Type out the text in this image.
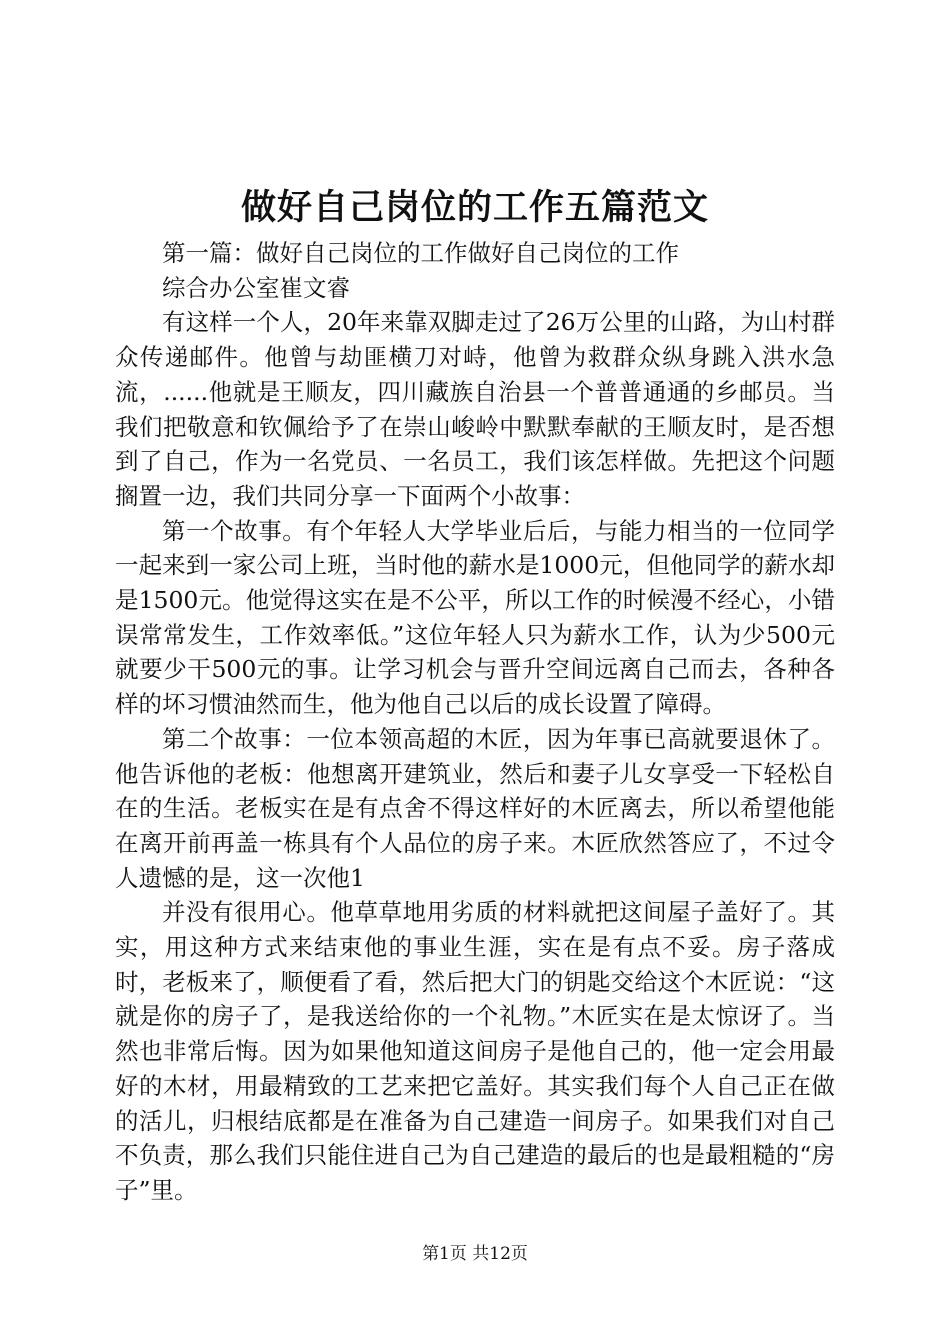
做好自己岗位的工作五篇范文

第一篇：做好自己岗位的工作做好自己岗位的工作

综合办公室崔文睿

有这样一个人，20年来靠双脚走过了26万公里的山路，为山村群众传递邮件。他曾与劫匪横刀对峙，他曾为救群众纵身跳入洪水急流，......他就是王顺友，四川藏族自治县一个普普通通的乡邮员。当我们把敬意和钦佩给予了在崇山峻岭中默默奉献的王顺友时，是否想到了自己，作为一名党员、一名员工，我们该怎样做。先把这个问题搁置一边，我们共同分享一下面两个小故事：

第一个故事。有个年轻人大学毕业后后，与能力相当的一位同学一起来到一家公司上班，当时他的薪水是1000元，但他同学的薪水却是1500元。他觉得这实在是不公平，所以工作的时候漫不经心，小错误常常发生，工作效率低。”这位年轻人只为薪水工作，认为少500元就要少干500元的事。让学习机会与晋升空间远离自己而去，各种各样的坏习惯油然而生，他为他自己以后的成长设置了障碍。

第二个故事：一位本领高超的木匠，因为年事已高就要退休了。他告诉他的老板：他想离开建筑业，然后和妻子儿女享受一下轻松自在的生活。老板实在是有点舍不得这样好的木匠离去，所以希望他能在离开前再盖一栋具有个人品位的房子来。木匠欣然答应了，不过令人遗憾的是，这一次他1

并没有很用心。他草草地用劣质的材料就把这间屋子盖好了。其实，用这种方式来结束他的事业生涯，实在是有点不妥。房子落成时，老板来了，顺便看了看，然后把大门的钥匙交给这个木匠说：“这就是你的房子了，是我送给你的一个礼物。”木匠实在是太惊讶了。当然也非常后悔。因为如果他知道这间房子是他自己的，他一定会用最好的木材，用最精致的工艺来把它盖好。其实我们每个人自己正在做的活儿，归根结底都是在准备为自己建造一间房子。如果我们对自己不负责，那么我们只能住进自己为自己建造的最后的也是最粗糙的“房子”里。

第1页 共12页
